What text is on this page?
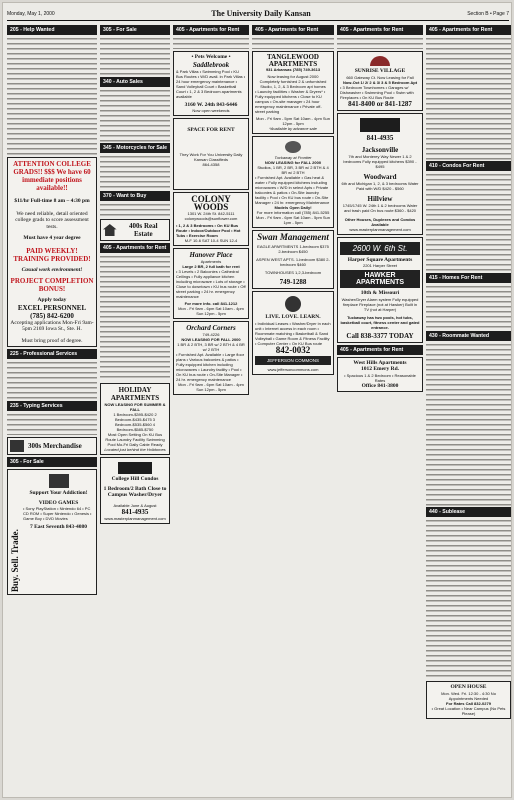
Monday, May 1, 2000	The University Daily Kansan	Section B • Page 7
205 - Help Wanted
ATTENTION COLLEGE GRADS!! $$$ We have 60 immediate positions available!!
$11/hr Full-time 8 am – 4:30 pm
We need reliable, detail oriented college grads to score assessment tests.
Must have 4 year degree
PAID WEEKLY! TRAINING PROVIDED!
Casual work environment!
PROJECT COMPLETION BONUS!
Apply today
EXCEL PERSONNEL (785) 842-6200
Accepting applications Mon-Fri 9am-5pm 2169 Iowa St., Ste. H.
Must bring proof of degree.
225 - Professional Services
235 - Typing Services
300s Merchandise
305 - For Sale
Buy. Sell. Trade.
Support Your Addiction!
VIDEO GAMES
• Sony PlayStation • Nintendo 64 • PC CD ROM • Super Nintendo • Genesis • Game Boy • DVD Movies
7 East Seventh 843-4080
305 - For Sale
340 - Auto Sales
345 - Motorcycles for Sale
370 - Want to Buy
400s Real Estate
405 - Apartments for Rent
HOLIDAY APARTMENTS
NOW LEASING FOR SUMMER & FALL
1 Bedroom-$395-$420 2 Bedroom-$435-$475 3 Bedroom-$535-$560 4 Bedroom-$585-$750
Most Open Setting On KU Bus Route Laundry Facility Swimming Pool Mo-Fri Daily Cable Ready
Located just behind the Holidomes
College Hill Condos
1 Bedroom/2 Bath Close to Campus Washer/Dryer
Available June & August
841-4935
www.masterplanmanagement.com
405 - Apartments for Rent
• Pets Welcome •
Saddlebrook
& Park Villas • Swimming Pool • KU Bus Routes • W/D avail. in Park Villas • 24 hour emergency maintenance • Sand Volleyball Court • Basketball Court • 1, 2 & 3 Bedroom apartments available
3160 W. 24th 843-6446
Now open weekends
SPACE FOR RENT
They Work For You University Daily Kansan Classifieds
864-4358
COLONY WOODS
1301 W. 24th St. 842-5111 colonywoods@sunflower.com
• 1, 2 & 3 Bedrooms • On KU Bus Route • Indoor/Outdoor Pool • Hot Tubs • Exercise Room
M-F 10-6 SAT 10-4 SUN 12-4
Hanover Place
Apartments
Large 2 BR, 2 full bath for rent
• 3 Levels • 2 Balconies • Cathedral Ceilings • Fully appliance kitchen including microwave • Lots of storage • Close to downtown • KU bus route • Off street parking • 24 hr. emergency maintenance
For more info. call 841-1212
Mon - Fri 9am - 6pm Sat 10am - 4pm Sun 12pm - 5pm
Orchard Corners
749-4226
NOW LEASING FOR FALL 2000
1 BR & 2 BTH, 3 BR w/ 2 BTH & 4 BR w/ 2 BTH
• Furnished Apt. Available • Large floor plans • Various balconies & patios • Fully equipped kitchen including microwaves • Laundry facility • Pool • On KU bus route • On-Site Manager • 24 hr. emergency maintenance
Mon - Fri 9am - 6pm Sat 10am - 4pm Sun 12pm - 5pm
405 - Apartments for Rent
TANGLEWOOD APARTMENTS
931 Arkansas (785) 749-3613
Now leasing for August 2000
Completely furnished 2 & unfurnished Studio, 1, 2, & 3 Bedroom apt homes
• Laundry facilities • Washer & Dryers* • Fully equipped kitchens • Close to KU campus • On-site manager • 24 hour emergency maintenance • Private off-street parking
Mon - Fri 9am - 5pm Sat 10am - 4pm Sun 12pm - 5pm
*Available by advance sale
Tuckaway at Frontier
NOW LEASING for FALL 2000
Studios, 1 BR, 2 BR, 3 BR w/ 2 BTH & 4 BR w/ 2 BTH
• Furnished Apt. Available • Gas heat & water • Fully equipped kitchens including microwaves • W/D in select Apts • Private balconies & patios • On-Site laundry facility • Pool • On KU bus route • On-Site Manager • 24 hr. emergency Maintenance
Models Open Daily!
For more information call (785) 841-5255
Mon - Fri 9am - 6pm Sat 10am - 5pm Sun 1pm - 5pm
Swan Management
EAGLE APARTMENTS 1-bedroom $375 2-bedroom $450
ASPEN WEST APTS. 1-bedroom $380 2-bedroom $460
TOWNHOUSES 1,2,3-bedroom
749-1288
LIVE. LOVE. LEARN.
• Individual Leases • Washer/Dryer in each unit • Internet access in each room • Roommate matching • Basketball & Sand Volleyball • Game Room & Fitness Facility • Computer Center • On KU Bus route
842-0032
JEFFERSON COMMONS
www.jeffersoncommons.com
405 - Apartments for Rent
SUNRISE VILLAGE
660 Gateway Ct. Now Leasing for Fall
Now-Oct 1/ 2/ 2 & 3/ 3 & 5 Bedroom Apt
• 3 Bedroom Townhomes • Garages w/ Dishwasher • Swimming Pool • Swim with Fireplaces • On KU Bus Route
841-8400 or 841-1287
841-4935
Jacksonville
7th and Monterey Way Newer 1 & 2 bedrooms Fully equipped kitchens $390 - $495
Woodward
6th and Michigan 1, 2, & 3 bedrooms Water Paid with W/D $420 - $560
Hillview
1745/1745 W. 24th 1 & 2 bedrooms Water and trash paid On bus route $360 - $420
Other Houses, Duplexes and Condos Available
www.masterplanmanagement.com
2600 W. 6th St.
Harper Square Apartments
2201 Harper Street
HAWKER APARTMENTS
10th & Missouri
Washer/Dryer Alarm system Fully equipped fireplace Fireplace (not at Hawker) Built in TV (not at Harper)
Tuckaway has two pools, hot tubs, basketball court, fitness center and gated entrance.
Call 838-3377 TODAY
405 - Apartments for Rent
West Hills Apartments
1012 Emery Rd.
• Spacious 1 & 2 Bedroom • Reasonable Rates
Office 841-3800
405 - Apartments for Rent
410 - Condos For Rent
415 - Homes For Rent
430 - Roommate Wanted
440 - Sublease
OPEN HOUSE
Mon. Wed. Fri. 12:30 - 4:30 No Appointments Needed
For Rates Call 832-0279
• Great Location • Near Campus (No Pets Please)
